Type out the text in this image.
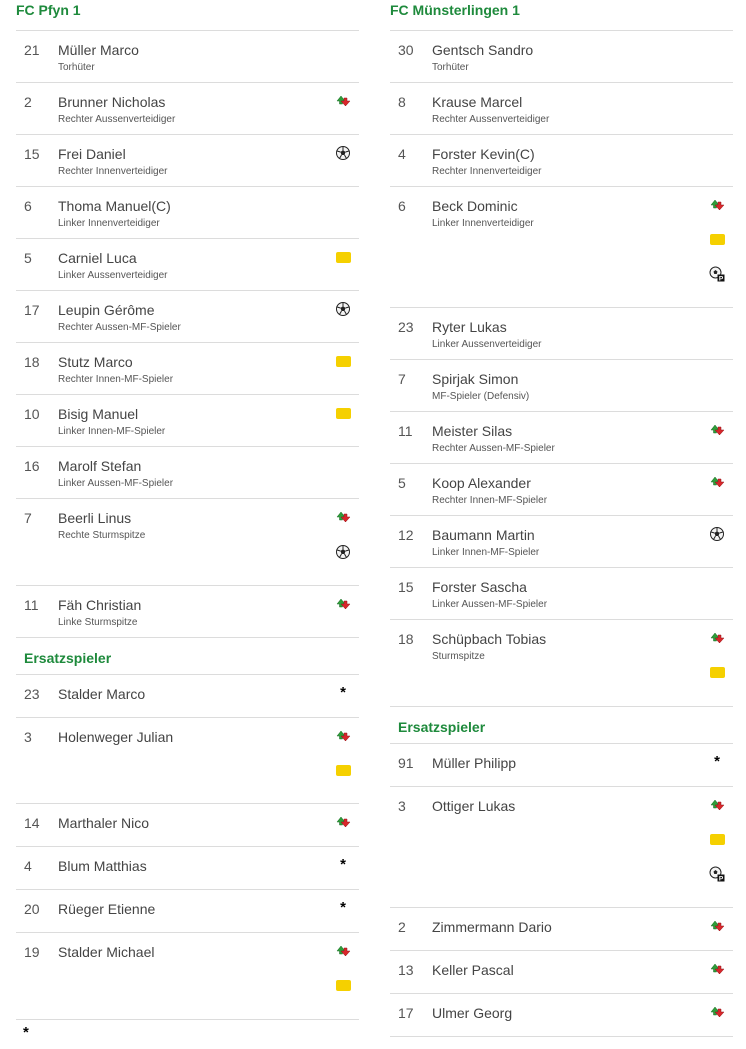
FC Pfyn 1
21 Müller Marco
Torhüter
2 Brunner Nicholas
Rechter Aussenverteidiger
15 Frei Daniel
Rechter Innenverteidiger
6 Thoma Manuel(C)
Linker Innenverteidiger
5 Carniel Luca
Linker Aussenverteidiger
17 Leupin Gérôme
Rechter Aussen-MF-Spieler
18 Stutz Marco
Rechter Innen-MF-Spieler
10 Bisig Manuel
Linker Innen-MF-Spieler
16 Marolf Stefan
Linker Aussen-MF-Spieler
7 Beerli Linus
Rechte Sturmspitze
11 Fäh Christian
Linke Sturmspitze
Ersatzspieler
23 Stalder Marco	*
3 Holenweger Julian
14 Marthaler Nico
4 Blum Matthias	*
20 Rüeger Etienne	*
19 Stalder Michael
*
FC Münsterlingen 1
30 Gentsch Sandro
Torhüter
8 Krause Marcel
Rechter Aussenverteidiger
4 Forster Kevin(C)
Rechter Innenverteidiger
6 Beck Dominic
Linker Innenverteidiger
P
23 Ryter Lukas
Linker Aussenverteidiger
7 Spirjak Simon
MF-Spieler (Defensiv)
11 Meister Silas
Rechter Aussen-MF-Spieler
5 Koop Alexander
Rechter Innen-MF-Spieler
12 Baumann Martin
Linker Innen-MF-Spieler
15 Forster Sascha
Linker Aussen-MF-Spieler
18 Schüpbach Tobias
Sturmspitze
Ersatzspieler
91 Müller Philipp	*
3 Ottiger Lukas
P
2 Zimmermann Dario
13 Keller Pascal
17 Ulmer Georg
